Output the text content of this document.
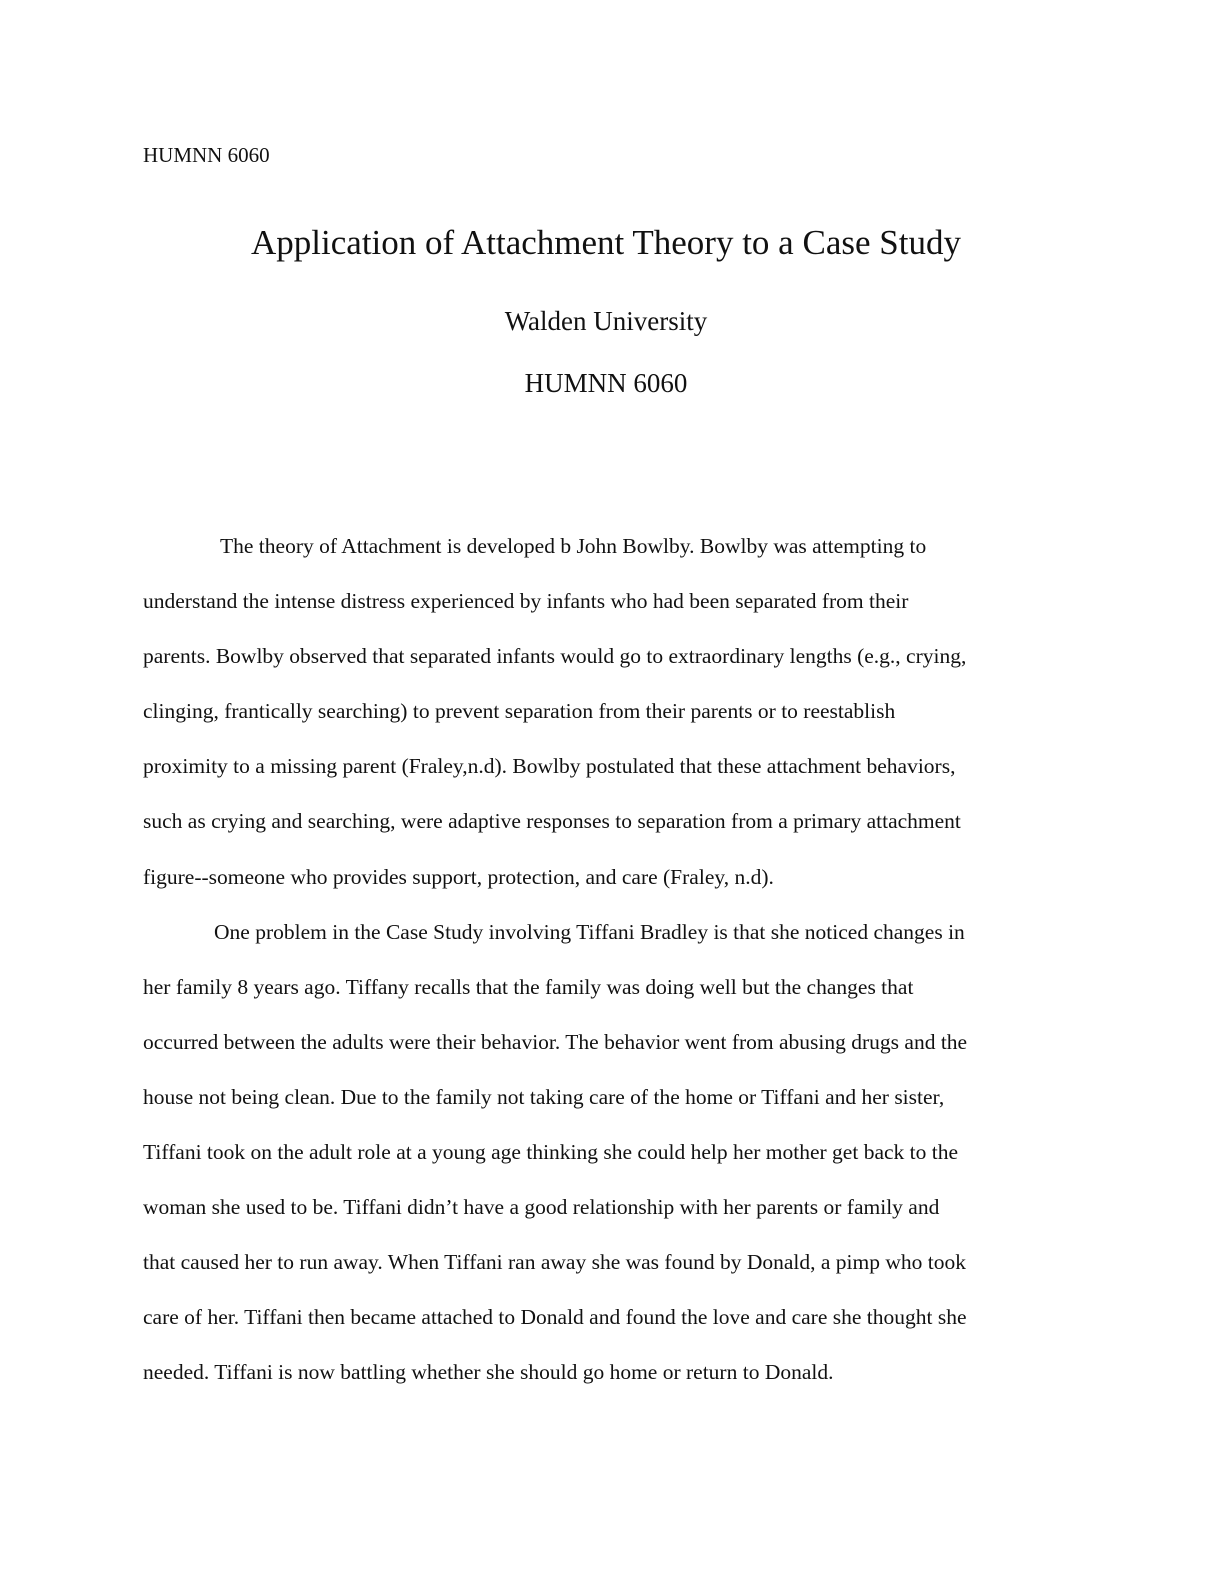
HUMNN 6060
Application of Attachment Theory to a Case Study
Walden University
HUMNN 6060
The theory of Attachment is developed b John Bowlby. Bowlby was attempting to
understand the intense distress experienced by infants who had been separated from their
parents. Bowlby observed that separated infants would go to extraordinary lengths (e.g., crying,
clinging, frantically searching) to prevent separation from their parents or to reestablish
proximity to a missing parent (Fraley,n.d). Bowlby postulated that these attachment behaviors,
such as crying and searching, were adaptive responses to separation from a primary attachment
figure--someone who provides support, protection, and care (Fraley, n.d).
One problem in the Case Study involving Tiffani Bradley is that she noticed changes in
her family 8 years ago. Tiffany recalls that the family was doing well but the changes that
occurred between the adults were their behavior. The behavior went from abusing drugs and the
house not being clean. Due to the family not taking care of the home or Tiffani and her sister,
Tiffani took on the adult role at a young age thinking she could help her mother get back to the
woman she used to be. Tiffani didn’t have a good relationship with her parents or family and
that caused her to run away. When Tiffani ran away she was found by Donald, a pimp who took
care of her. Tiffani then became attached to Donald and found the love and care she thought she
needed. Tiffani is now battling whether she should go home or return to Donald.
